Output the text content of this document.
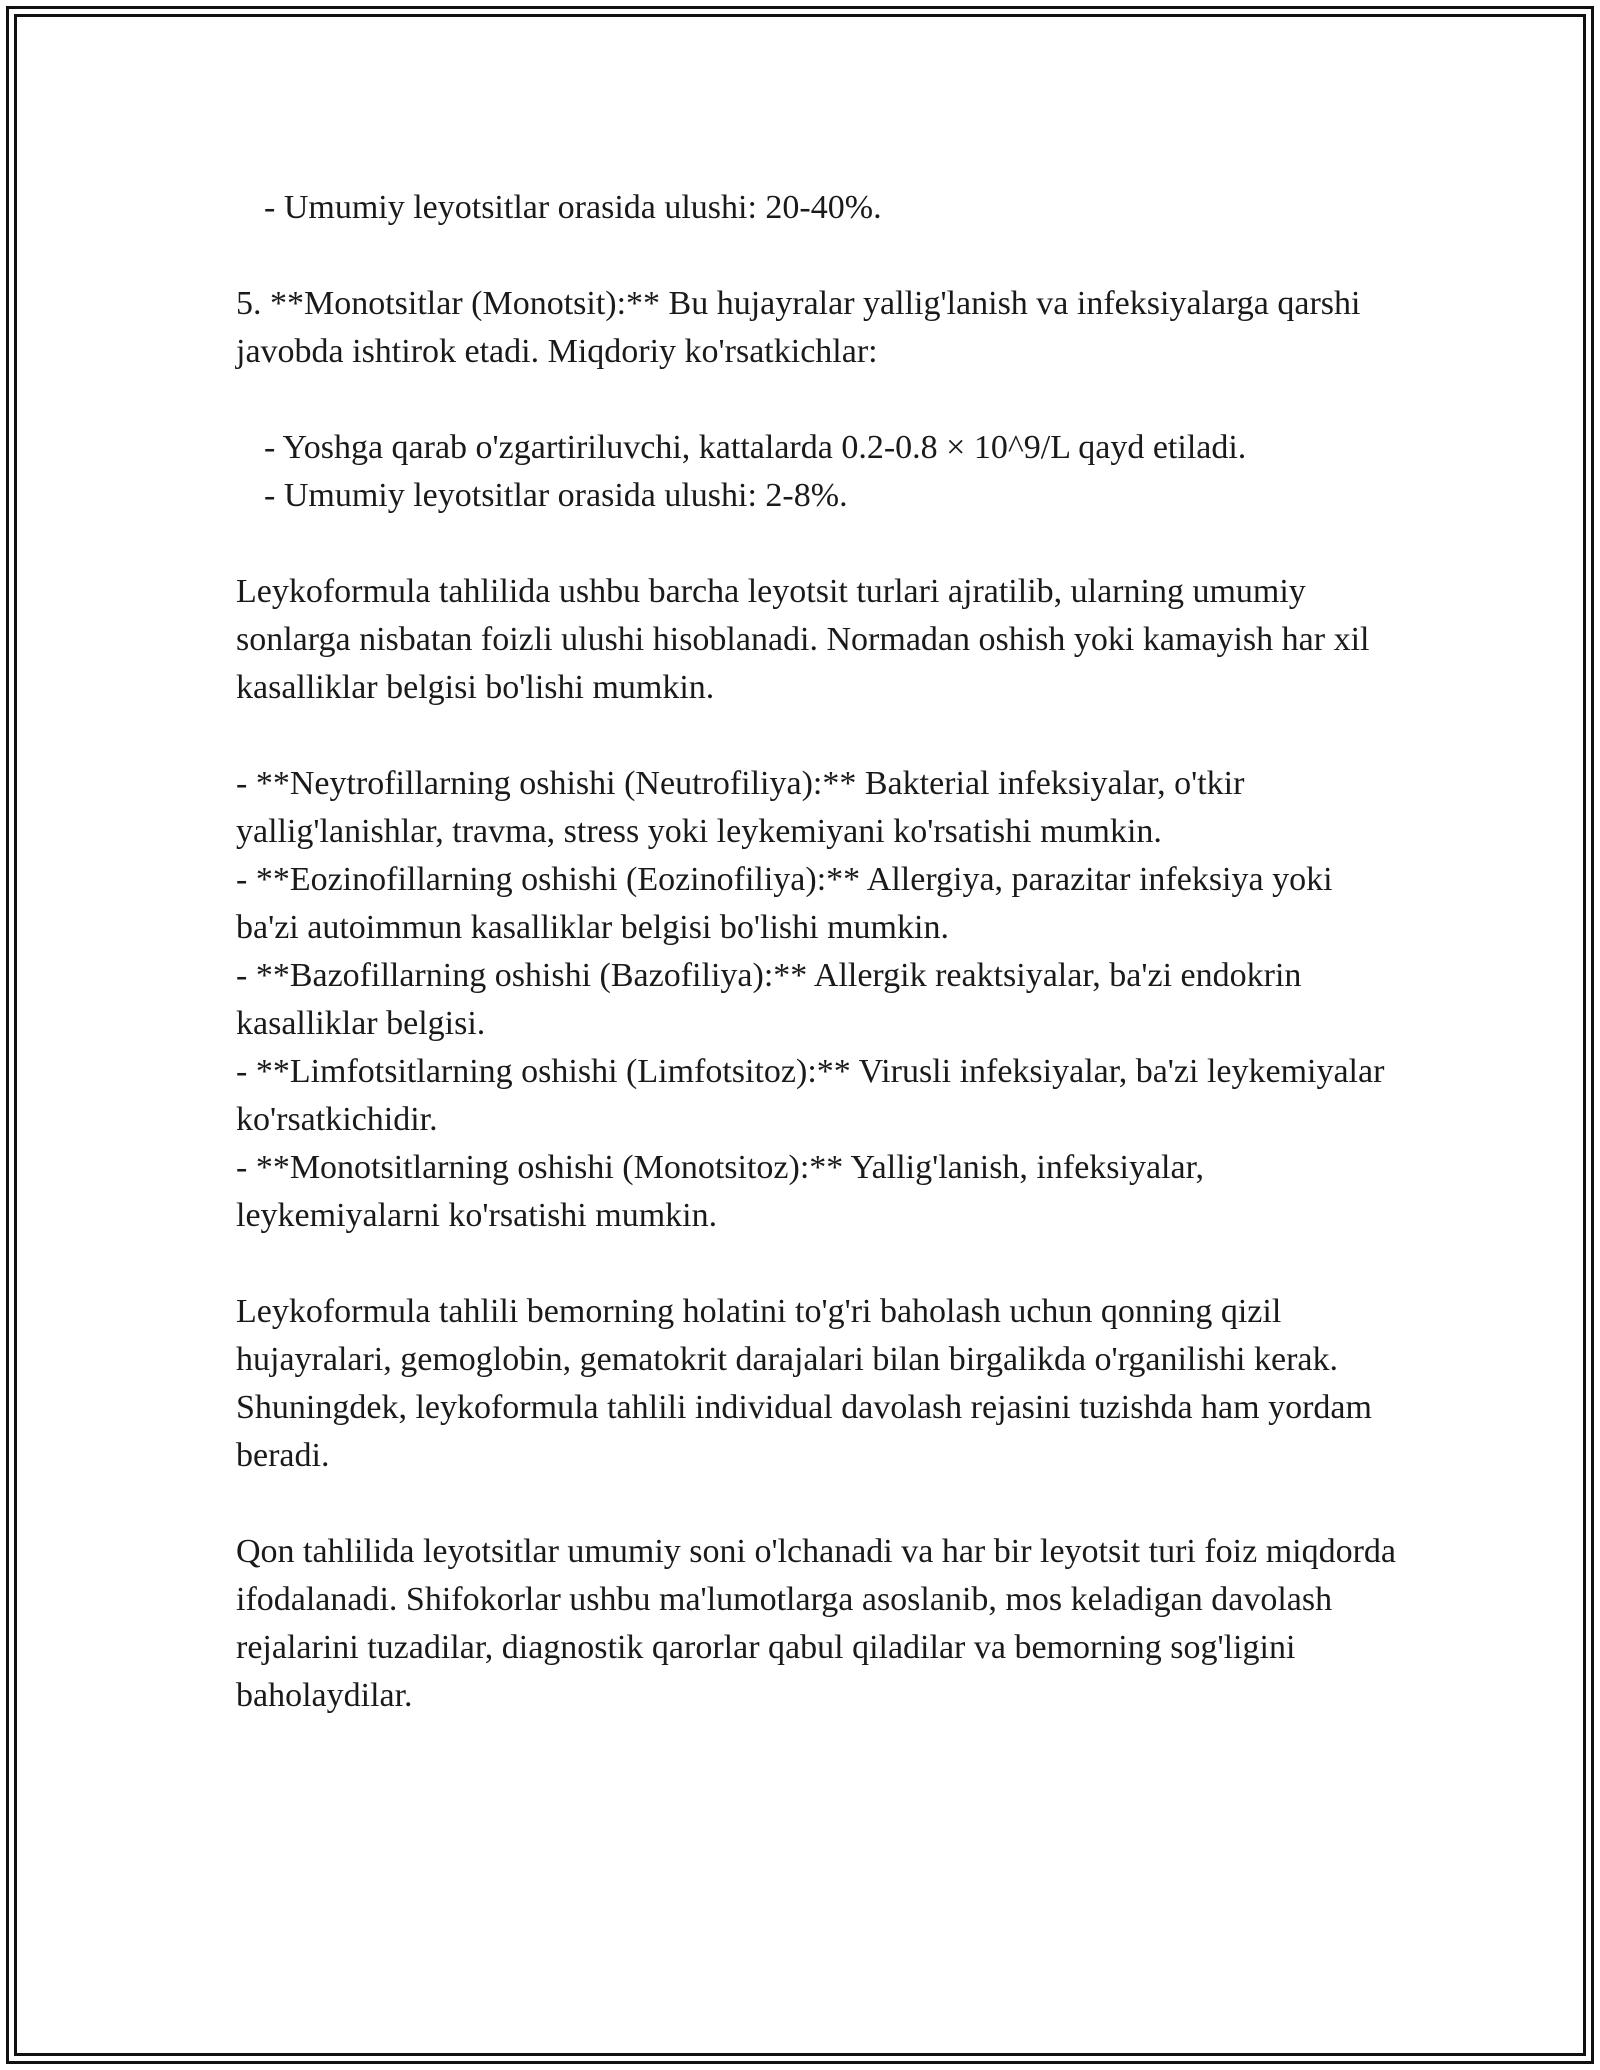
- Umumiy leyotsitlar orasida ulushi: 20-40%.

5. **Monotsitlar (Monotsit):** Bu hujayralar yallig'lanish va infeksiyalarga qarshi javobda ishtirok etadi. Miqdoriy ko'rsatkichlar:

- Yoshga qarab o'zgartiriluvchi, kattalarda 0.2-0.8 × 10^9/L qayd etiladi.

- Umumiy leyotsitlar orasida ulushi: 2-8%.

Leykoformula tahlilida ushbu barcha leyotsit turlari ajratilib, ularning umumiy sonlarga nisbatan foizli ulushi hisoblanadi. Normadan oshish yoki kamayish har xil kasalliklar belgisi bo'lishi mumkin.

- **Neytrofillarning oshishi (Neutrofiliya):** Bakterial infeksiyalar, o'tkir yallig'lanishlar, travma, stress yoki leykemiyani ko'rsatishi mumkin.

- **Eozinofillarning oshishi (Eozinofiliya):** Allergiya, parazitar infeksiya yoki ba'zi autoimmun kasalliklar belgisi bo'lishi mumkin.

- **Bazofillarning oshishi (Bazofiliya):** Allergik reaktsiyalar, ba'zi endokrin kasalliklar belgisi.

- **Limfotsitlarning oshishi (Limfotsitoz):** Virusli infeksiyalar, ba'zi leykemiyalar ko'rsatkichidir.

- **Monotsitlarning oshishi (Monotsitoz):** Yallig'lanish, infeksiyalar, leykemiyalarni ko'rsatishi mumkin.

Leykoformula tahlili bemorning holatini to'g'ri baholash uchun qonning qizil hujayralari, gemoglobin, gematokrit darajalari bilan birgalikda o'rganilishi kerak. Shuningdek, leykoformula tahlili individual davolash rejasini tuzishda ham yordam beradi.

Qon tahlilida leyotsitlar umumiy soni o'lchanadi va har bir leyotsit turi foiz miqdorda ifodalanadi. Shifokorlar ushbu ma'lumotlarga asoslanib, mos keladigan davolash rejalarini tuzadilar, diagnostik qarorlar qabul qiladilar va bemorning sog'ligini baholaydilar.
